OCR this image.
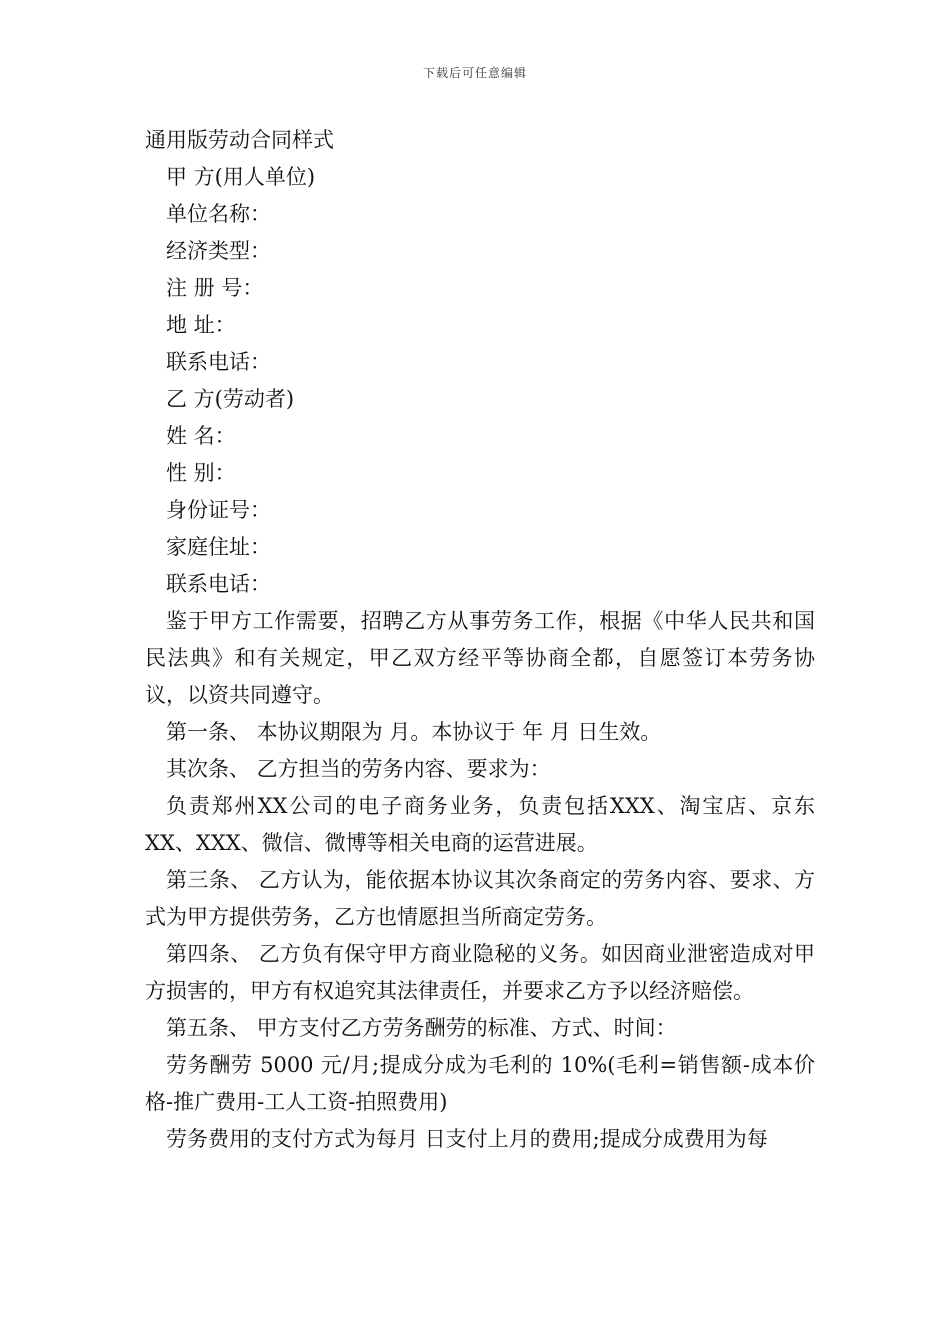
下载后可任意编辑
通用版劳动合同样式

甲 方(用人单位)

单位名称：

经济类型：

注 册 号：

地 址：

联系电话：

乙 方(劳动者)

姓 名：

性 别：

身份证号：

家庭住址：

联系电话：

鉴于甲方工作需要，招聘乙方从事劳务工作，根据《中华人民共和国民法典》和有关规定，甲乙双方经平等协商全都，自愿签订本劳务协议，以资共同遵守。

第一条、 本协议期限为 月。本协议于 年 月 日生效。

其次条、 乙方担当的劳务内容、要求为：

负责郑州XX公司的电子商务业务，负责包括XXX、淘宝店、京东XX、XXX、微信、微博等相关电商的运营进展。

第三条、 乙方认为，能依据本协议其次条商定的劳务内容、要求、方式为甲方提供劳务，乙方也情愿担当所商定劳务。

第四条、 乙方负有保守甲方商业隐秘的义务。如因商业泄密造成对甲方损害的，甲方有权追究其法律责任，并要求乙方予以经济赔偿。

第五条、 甲方支付乙方劳务酬劳的标准、方式、时间：

劳务酬劳 5000 元/月;提成分成为毛利的 10%(毛利=销售额-成本价格-推广费用-工人工资-拍照费用)

劳务费用的支付方式为每月 日支付上月的费用;提成分成费用为每
